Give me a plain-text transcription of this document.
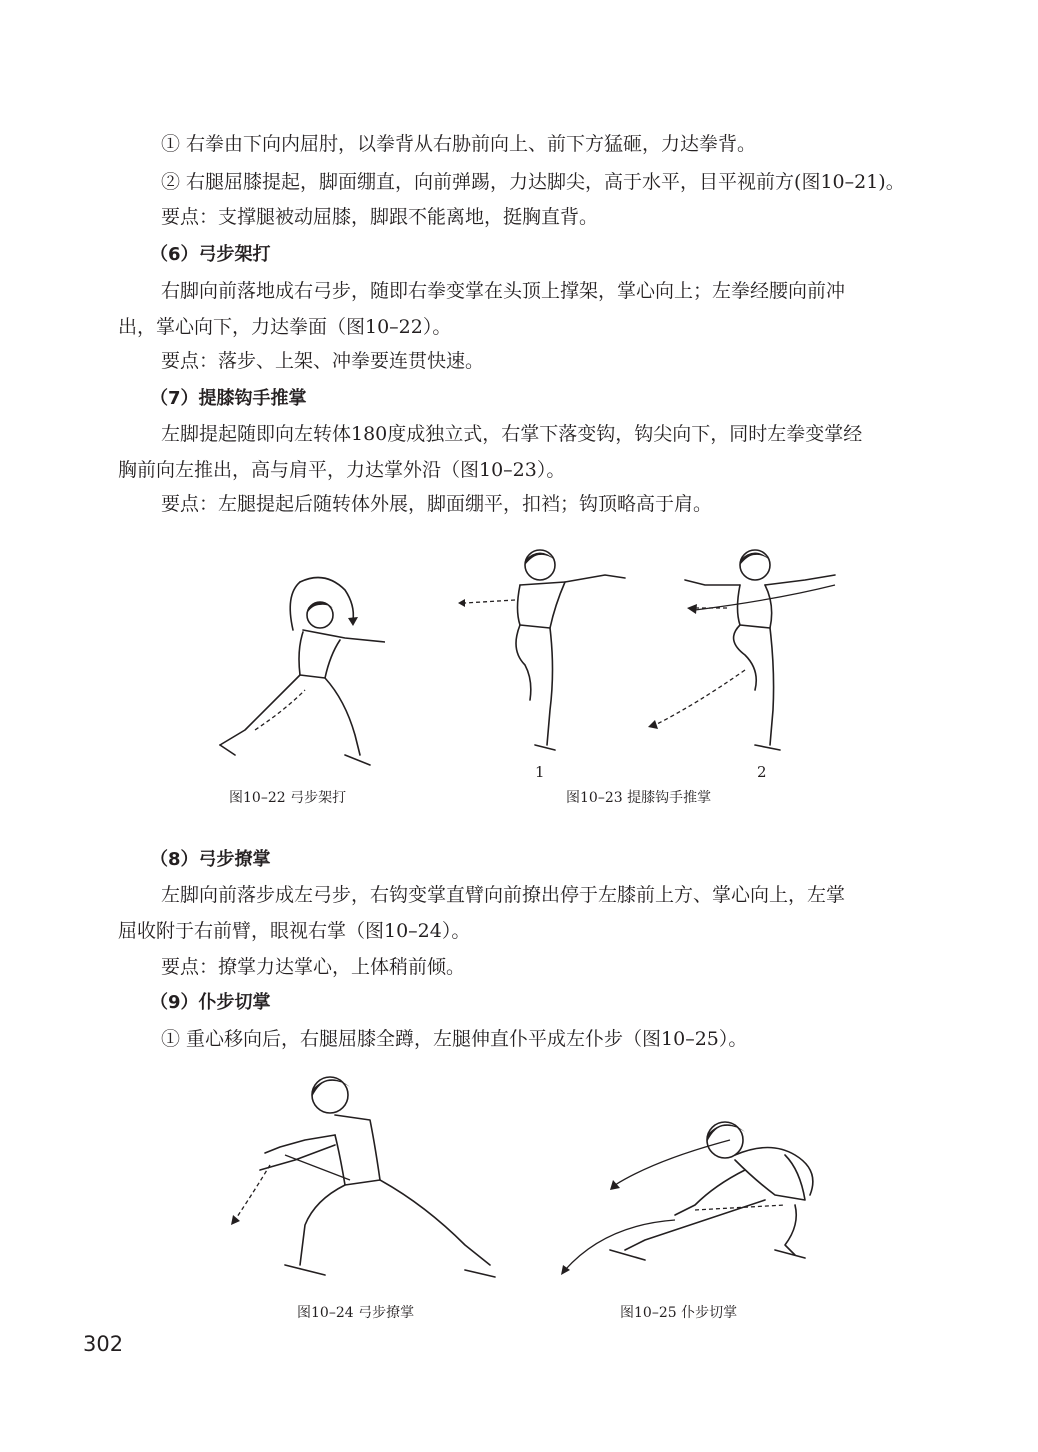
① 右拳由下向内屈肘，以拳背从右胁前向上、前下方猛砸，力达拳背。
② 右腿屈膝提起，脚面绷直，向前弹踢，力达脚尖，高于水平，目平视前方(图10–21)。
要点：支撑腿被动屈膝，脚跟不能离地，挺胸直背。
（6）弓步架打
右脚向前落地成右弓步，随即右拳变掌在头顶上撑架，掌心向上；左拳经腰向前冲
出，掌心向下，力达拳面（图10–22）。
要点：落步、上架、冲拳要连贯快速。
（7）提膝钩手推掌
左脚提起随即向左转体180度成独立式，右掌下落变钩，钩尖向下，同时左拳变掌经
胸前向左推出，高与肩平，力达掌外沿（图10–23）。
要点：左腿提起后随转体外展，脚面绷平，扣裆；钩顶略高于肩。
图10–22 弓步架打
1	2
图10–23 提膝钩手推掌
（8）弓步撩掌
左脚向前落步成左弓步，右钩变掌直臂向前撩出停于左膝前上方、掌心向上，左掌
屈收附于右前臂，眼视右掌（图10–24）。
要点：撩掌力达掌心，上体稍前倾。
（9）仆步切掌
① 重心移向后，右腿屈膝全蹲，左腿伸直仆平成左仆步（图10–25）。
图10–24 弓步撩掌	图10–25 仆步切掌
302
